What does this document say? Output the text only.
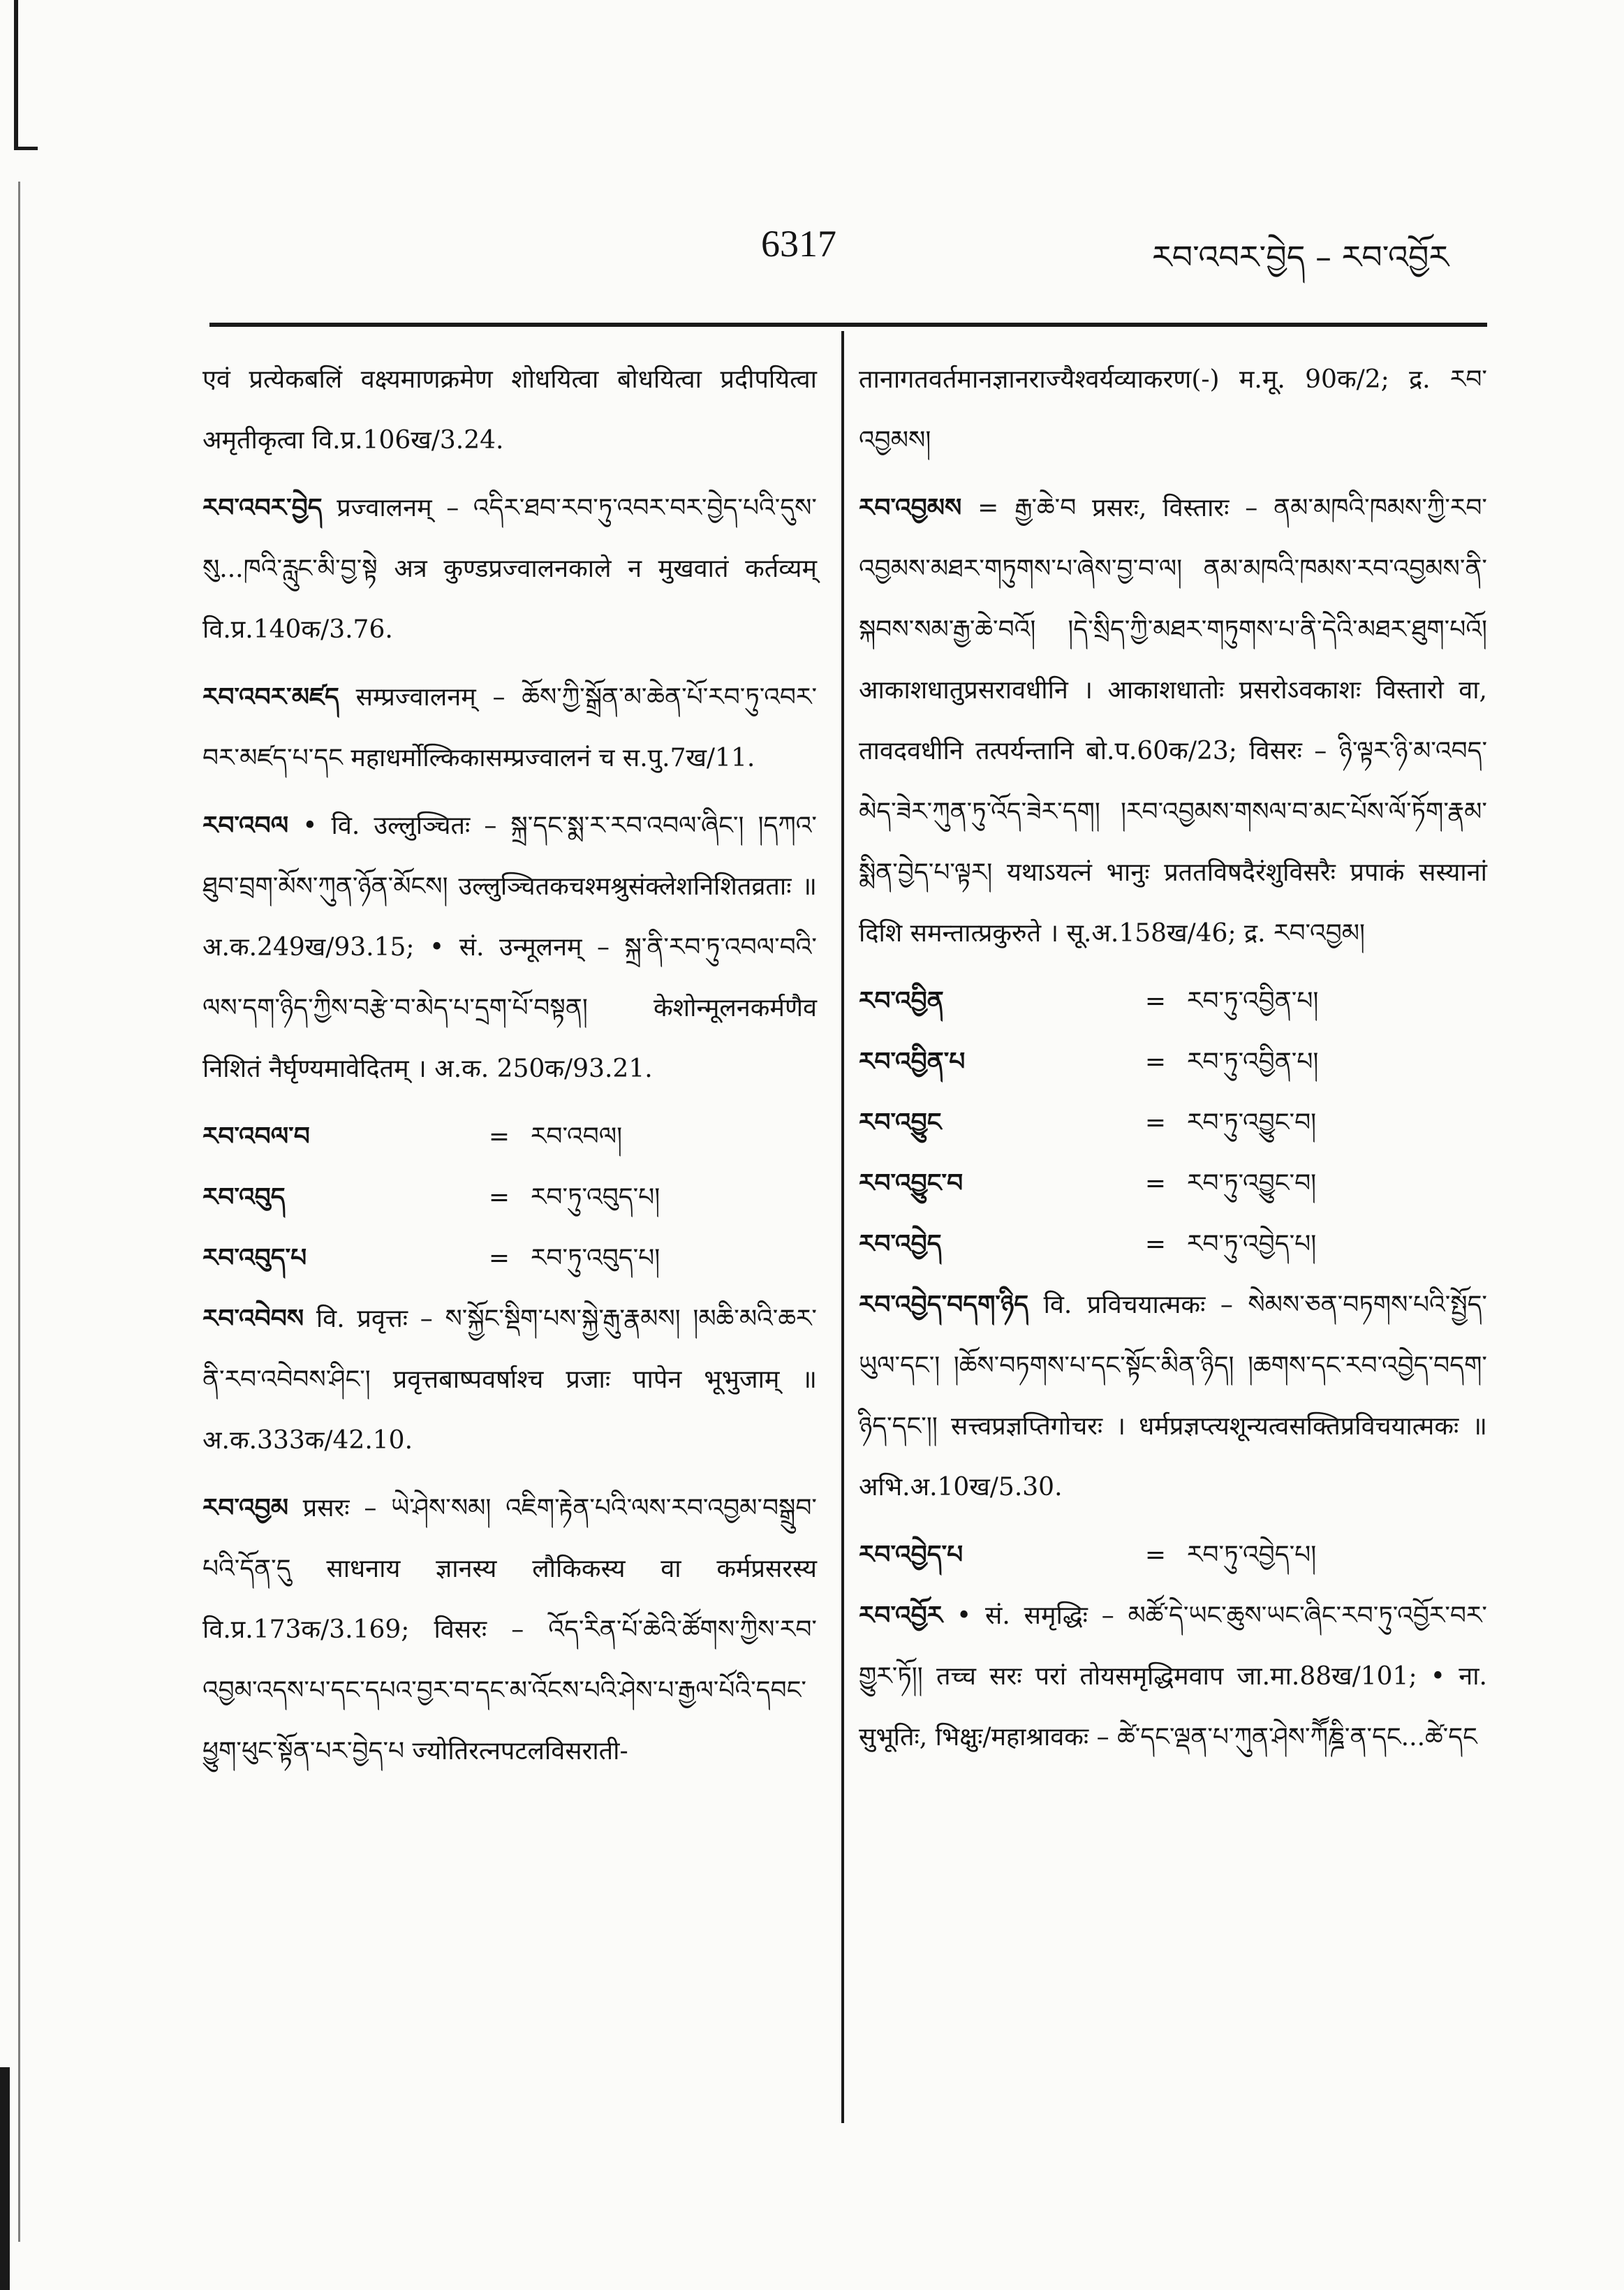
6317	རབ་འབར་བྱེད – རབ་འབྱོར

एवं प्रत्येकबलिं वक्ष्यमाणक्रमेण शोधयित्वा बोधयित्वा प्रदीपयित्वा अमृतीकृत्वा वि.प्र.106ख/3.24.

རབ་འབར་བྱེད प्रज्वालनम् – འདིར་ཐབ་རབ་ཏུ་འབར་བར་བྱེད་པའི་དུས་སུ...ཁའི་རླུང་མི་བྱ་སྟེ अत्र कुण्डप्रज्वालनकाले न मुखवातं कर्तव्यम् वि.प्र.140क/3.76.

རབ་འབར་མཛད सम्प्रज्वालनम् – ཆོས་ཀྱི་སྒྲོན་མ་ཆེན་པོ་རབ་ཏུ་འབར་བར་མཛད་པ་དང महाधर्मोल्किकासम्प्रज्वालनं च स.पु.7ख/11.

རབ་འབལ • वि. उल्लुञ्चितः – སྐྲ་དང་སྨ་ར་རབ་འབལ་ཞིང་། །དཀའ་ཐུབ་བྲག་མོས་ཀུན་ཉོན་མོངས། उल्लुञ्चितकचश्मश्रुसंक्लेशनिशितव्रताः ॥ अ.क.249ख/93.15; • सं. उन्मूलनम् – སྐྲ་ནི་རབ་ཏུ་འབལ་བའི་ལས་དག་ཉིད་ཀྱིས་བརྩེ་བ་མེད་པ་དྲག་པོ་བསྟན། केशोन्मूलनकर्मणैव निशितं नैर्घृण्यमावेदितम् । अ.क. 250क/93.21.

རབ་འབལ་བ	= རབ་འབལ།
རབ་འབུད	= རབ་ཏུ་འབུད་པ།
རབ་འབུད་པ	= རབ་ཏུ་འབུད་པ།

རབ་འབེབས वि. प्रवृत्तः – ས་སྐྱོང་སྡིག་པས་སྐྱེ་རྒུ་རྣམས། །མཆི་མའི་ཆར་ནི་རབ་འབེབས་ཤིང་། प्रवृत्तबाष्पवर्षाश्च प्रजाः पापेन भूभुजाम् ॥ अ.क.333क/42.10.

རབ་འབྱམ प्रसरः – ཡེ་ཤེས་སམ། འཇིག་རྟེན་པའི་ལས་རབ་འབྱམ་བསྒྲུབ་པའི་དོན་དུ साधनाय ज्ञानस्य लौकिकस्य वा कर्मप्रसरस्य वि.प्र.173क/3.169; विसरः – འོད་རིན་པོ་ཆེའི་ཚོགས་ཀྱིས་རབ་འབྱམ་འདས་པ་དང་དཔའ་བྱར་བ་དང་མ་འོངས་པའི་ཤེས་པ་རྒྱལ་པོའི་དབང་ཕྱུག་ཕུང་སྟོན་པར་བྱེད་པ ज्योतिरत्नपटलविसराती-

तानागतवर्तमानज्ञानराज्यैश्वर्यव्याकरण(-) म.मू. 90क/2; द्र. རབ་འབྱམས།

རབ་འབྱམས = རྒྱ་ཆེ་བ प्रसरः, विस्तारः – ནམ་མཁའི་ཁམས་ཀྱི་རབ་འབྱམས་མཐར་གཏུགས་པ་ཞེས་བྱ་བ་ལ། ནམ་མཁའི་ཁམས་རབ་འབྱམས་ནི་སྐབས་སམ་རྒྱ་ཆེ་བའོ། །དེ་སྲིད་ཀྱི་མཐར་གཏུགས་པ་ནི་དེའི་མཐར་ཐུག་པའོ། आकाशधातुप्रसरावधीनि । आकाशधातोः प्रसरोऽवकाशः विस्तारो वा, तावदवधीनि तत्पर्यन्तानि बो.प.60क/23; विसरः – ཉི་ལྟར་ཉི་མ་འབད་མེད་ཟེར་ཀུན་ཏུ་འོད་ཟེར་དག། །རབ་འབྱམས་གསལ་བ་མང་པོས་ལོ་ཏོག་རྣམ་སྨིན་བྱེད་པ་ལྟར། यथाऽयत्नं भानुः प्रततविषदैरंशुविसरैः प्रपाकं सस्यानां दिशि समन्तात्प्रकुरुते । सू.अ.158ख/46; द्र. རབ་འབྱམ།

རབ་འབྱིན	= རབ་ཏུ་འབྱིན་པ།
རབ་འབྱིན་པ	= རབ་ཏུ་འབྱིན་པ།
རབ་འབྱུང	= རབ་ཏུ་འབྱུང་བ།
རབ་འབྱུང་བ	= རབ་ཏུ་འབྱུང་བ།
རབ་འབྱེད	= རབ་ཏུ་འབྱེད་པ།

རབ་འབྱེད་བདག་ཉིད वि. प्रविचयात्मकः – སེམས་ཅན་བཏགས་པའི་སྤྱོད་ཡུལ་དང་། །ཆོས་བཏགས་པ་དང་སྟོང་མིན་ཉིད། །ཆགས་དང་རབ་འབྱེད་བདག་ཉིད་དང་།། सत्त्वप्रज्ञप्तिगोचरः । धर्मप्रज्ञप्त्यशून्यत्वसक्तिप्रविचयात्मकः ॥ अभि.अ.10ख/5.30.

རབ་འབྱེད་པ	= རབ་ཏུ་འབྱེད་པ།

རབ་འབྱོར • सं. समृद्धिः – མཚོ་དེ་ཡང་ཆུས་ཡང་ཞིང་རབ་ཏུ་འབྱོར་བར་གྱུར་ཏོ།། तच्च सरः परां तोयसमृद्धिमवाप जा.मा.88ख/101; • ना. सुभूतिः, भिक्षुः/महाश्रावकः – ཚེ་དང་ལྡན་པ་ཀུན་ཤེས་ཀཽཎྜི་ན་དང...ཚེ་དང
